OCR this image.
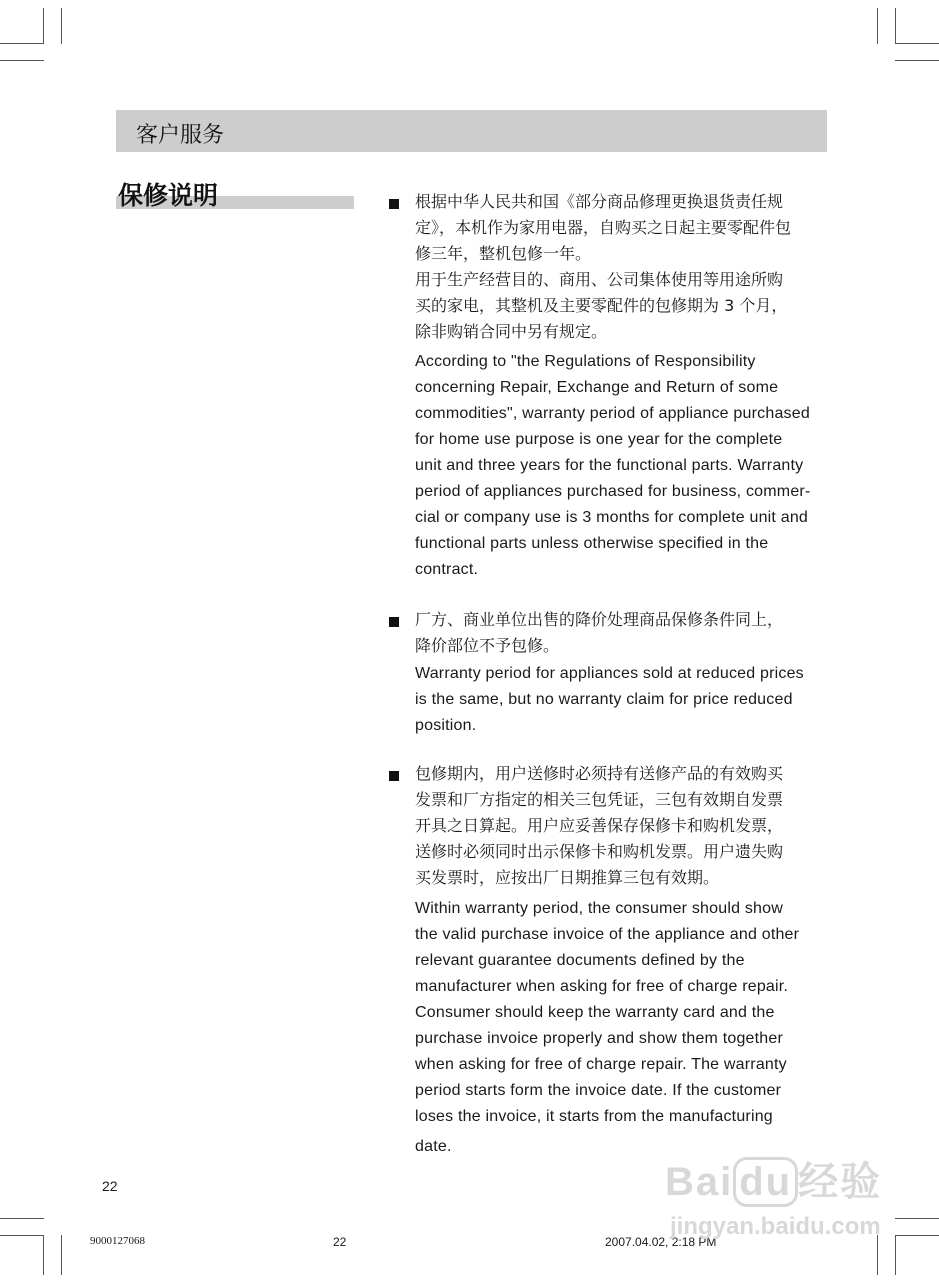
客户服务
保修说明	根据中华人民共和国《部分商品修理更换退货责任规
定》，本机作为家用电器，自购买之日起主要零配件包
修三年，整机包修一年。
用于生产经营目的、商用、公司集体使用等用途所购
买的家电，其整机及主要零配件的包修期为 3 个月，
除非购销合同中另有规定。
According to "the Regulations of Responsibility
concerning Repair, Exchange and Return of some
commodities", warranty period of appliance purchased
for home use purpose is one year for the complete
unit and three years for the functional parts. Warranty
period of appliances purchased for business, commer-
cial or company use is 3 months for complete unit and
functional parts unless otherwise specified in the
contract.
厂方、商业单位出售的降价处理商品保修条件同上，
降价部位不予包修。
Warranty period for appliances sold at reduced prices
is the same, but no warranty claim for price reduced
position.
包修期内，用户送修时必须持有送修产品的有效购买
发票和厂方指定的相关三包凭证，三包有效期自发票
开具之日算起。用户应妥善保存保修卡和购机发票，
送修时必须同时出示保修卡和购机发票。用户遗失购
买发票时，应按出厂日期推算三包有效期。
Within warranty period, the consumer should show
the valid purchase invoice of the appliance and other
relevant guarantee documents defined by the
manufacturer when asking for free of charge repair.
Consumer should keep the warranty card and the
purchase invoice properly and show them together
when asking for free of charge repair. The warranty
period starts form the invoice date. If the customer
loses the invoice, it starts from the manufacturing
date.
22
9000127068	22	2007.04.02, 2:18 PM
Bai du 经验
jingyan.baidu.com
